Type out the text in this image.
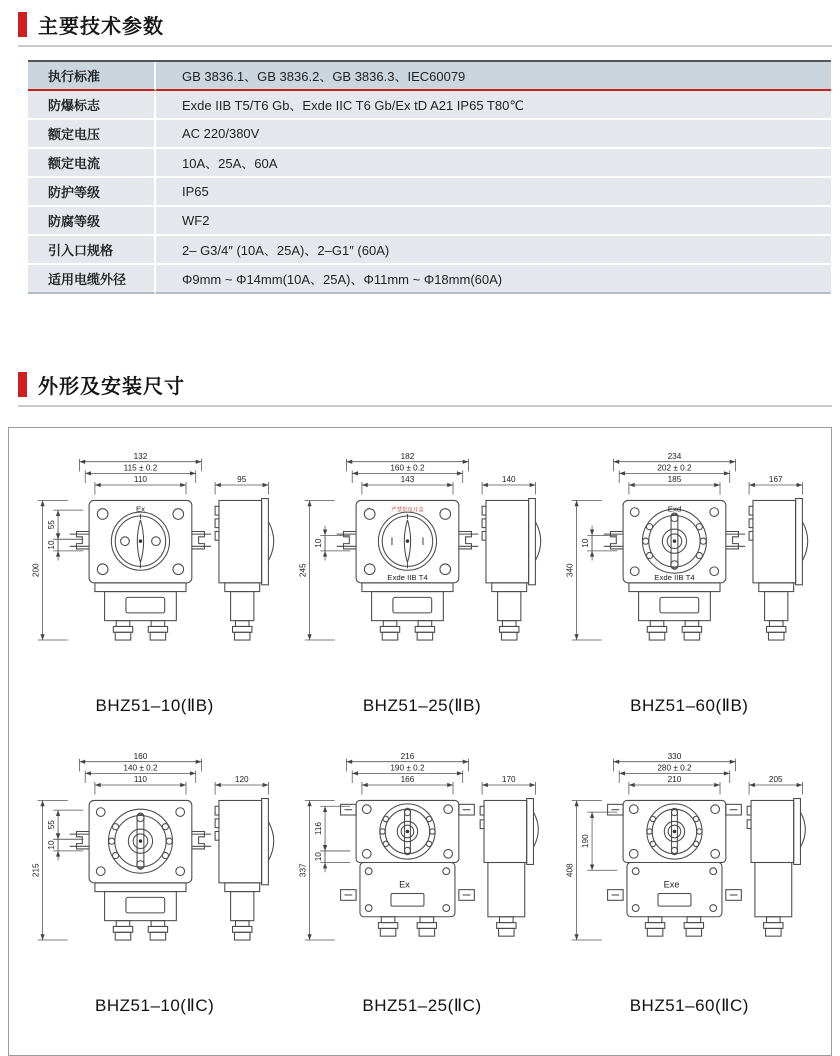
主要技术参数
执行标准	GB 3836.1、GB 3836.2、GB 3836.3、IEC60079
防爆标志	Exde IIB T5/T6 Gb、Exde IIC T6 Gb/Ex tD A21 IP65 T80℃
额定电压	AC 220/380V
额定电流	10A、25A、60A
防护等级	IP65
防腐等级	WF2
引入口规格	2– G3/4″ (10A、25A)、2–G1″ (60A)
适用电缆外径	Φ9mm ~ Φ14mm(10A、25A)、Φ11mm ~ Φ18mm(60A)
外形及安装尺寸
Ex
132
115 ± 0.2
110	95
200
55
10
BHZ51–10(ⅡB)
严禁带电开盖
Exde IIB T4
182
160 ± 0.2
143	140
245
10
BHZ51–25(ⅡB)
Exd
Exde IIB T4
234
202 ± 0.2
185	167
340
10
BHZ51–60(ⅡB)
160
140 ± 0.2
110	120
215
55
10
BHZ51–10(ⅡC)
Ex
216
190 ± 0.2
166	170
337
116
10
BHZ51–25(ⅡC)
Exe
330
280 ± 0.2
210	205
408
190
BHZ51–60(ⅡC)
